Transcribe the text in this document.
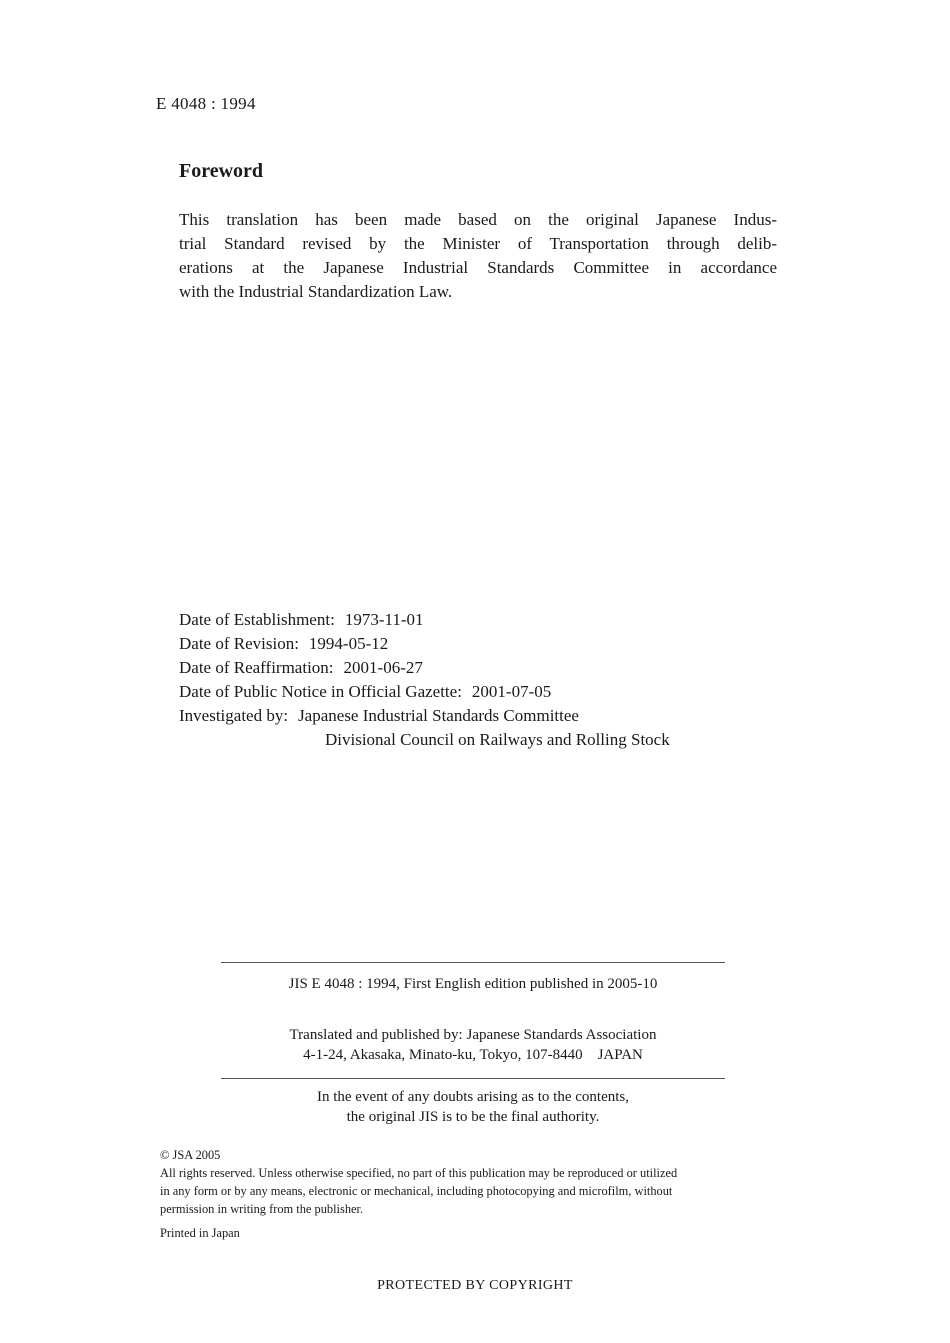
E 4048 : 1994
Foreword
This translation has been made based on the original Japanese Indus-
trial Standard revised by the Minister of Transportation through delib-
erations at the Japanese Industrial Standards Committee in accordance
with the Industrial Standardization Law.
Date of Establishment: 1973-11-01
Date of Revision: 1994-05-12
Date of Reaffirmation: 2001-06-27
Date of Public Notice in Official Gazette: 2001-07-05
Investigated by: Japanese Industrial Standards Committee
Divisional Council on Railways and Rolling Stock
JIS E 4048 : 1994, First English edition published in 2005-10
Translated and published by: Japanese Standards Association
4-1-24, Akasaka, Minato-ku, Tokyo, 107-8440    JAPAN
In the event of any doubts arising as to the contents,
the original JIS is to be the final authority.
© JSA 2005
All rights reserved. Unless otherwise specified, no part of this publication may be reproduced or utilized
in any form or by any means, electronic or mechanical, including photocopying and microfilm, without
permission in writing from the publisher.
Printed in Japan
PROTECTED BY COPYRIGHT
